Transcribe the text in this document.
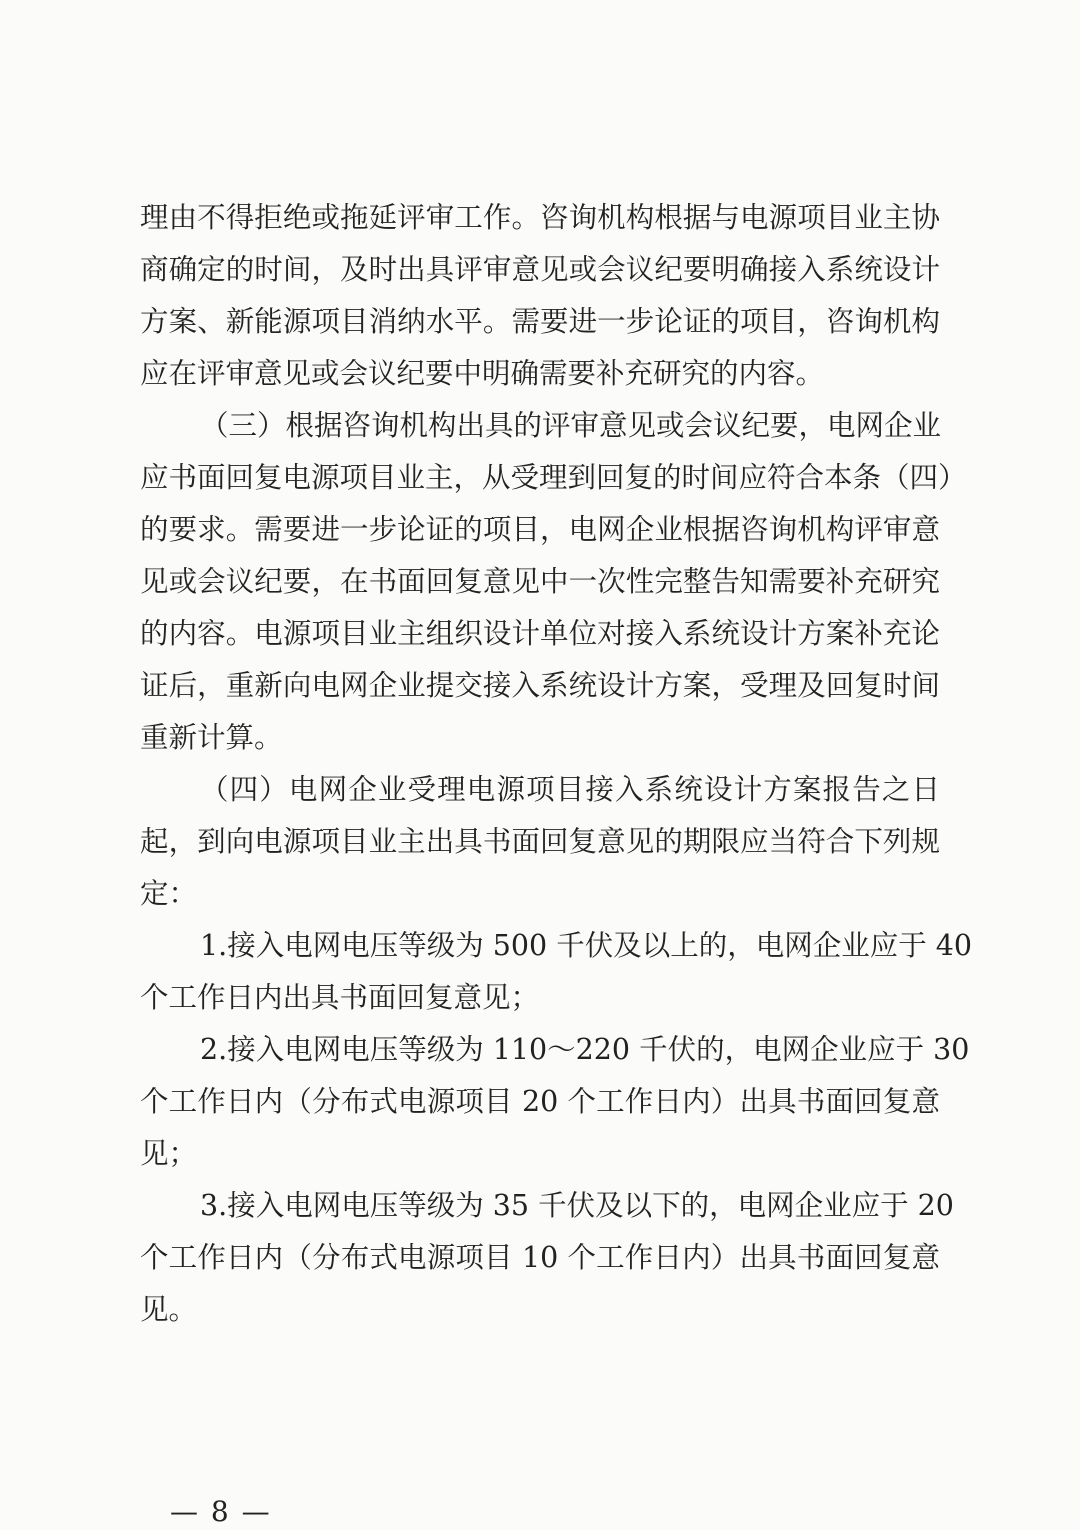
理由不得拒绝或拖延评审工作。咨询机构根据与电源项目业主协
商确定的时间，及时出具评审意见或会议纪要明确接入系统设计
方案、新能源项目消纳水平。需要进一步论证的项目，咨询机构
应在评审意见或会议纪要中明确需要补充研究的内容。
（三）根据咨询机构出具的评审意见或会议纪要，电网企业
应书面回复电源项目业主，从受理到回复的时间应符合本条（四）
的要求。需要进一步论证的项目，电网企业根据咨询机构评审意
见或会议纪要，在书面回复意见中一次性完整告知需要补充研究
的内容。电源项目业主组织设计单位对接入系统设计方案补充论
证后，重新向电网企业提交接入系统设计方案，受理及回复时间
重新计算。
（四）电网企业受理电源项目接入系统设计方案报告之日
起，到向电源项目业主出具书面回复意见的期限应当符合下列规
定：
1.接入电网电压等级为 500 千伏及以上的，电网企业应于 40
个工作日内出具书面回复意见；
2.接入电网电压等级为 110～220 千伏的，电网企业应于 30
个工作日内（分布式电源项目 20 个工作日内）出具书面回复意
见；
3.接入电网电压等级为 35 千伏及以下的，电网企业应于 20
个工作日内（分布式电源项目 10 个工作日内）出具书面回复意
见。
— 8 —
